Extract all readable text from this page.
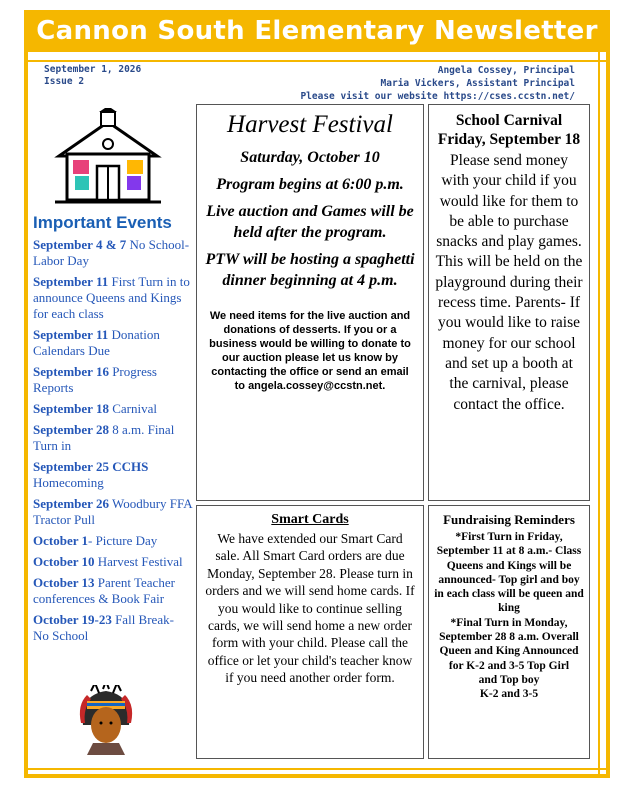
Cannon South Elementary Newsletter
September 1, 2026
Issue 2
Angela Cossey, Principal
Maria Vickers, Assistant Principal
Please visit our website https://cses.ccstn.net/
Important Events
September 4 & 7 No School-Labor Day
September 11 First Turn in to announce Queens and Kings for each class
September 11 Donation Calendars Due
September 16 Progress Reports
September 18 Carnival
September 28 8 a.m. Final Turn in
September 25 CCHS Homecoming
September 26 Woodbury FFA Tractor Pull
October 1- Picture Day
October 10 Harvest Festival
October 13 Parent Teacher conferences & Book Fair
October 19-23 Fall Break- No School
Harvest Festival
Saturday, October 10
Program begins at 6:00 p.m.
Live auction and Games will be held after the program.
PTW will be hosting a spaghetti dinner beginning at 4 p.m.
We need items for the live auction and donations of desserts. If you or a business would be willing to donate to our auction please let us know by contacting the office or send an email to angela.cossey@ccstn.net.
School Carnival Friday, September 18

Please send money with your child if you would like for them to be able to purchase snacks and play games. This will be held on the playground during their recess time. Parents- If you would like to raise money for our school and set up a booth at the carnival, please contact the office.

Smart Cards

We have extended our Smart Card sale. All Smart Card orders are due Monday, September 28. Please turn in orders and we will send home cards. If you would like to continue selling cards, we will send home a new order form with your child. Please call the office or let your child's teacher know if you need another order form.

Fundraising Reminders

*First Turn in Friday, September 11 at 8 a.m.- Class Queens and Kings will be announced- Top girl and boy in each class will be queen and king

*Final Turn in Monday, September 28 8 a.m. Overall Queen and King Announced for K-2 and 3-5 Top Girl

and Top boy

K-2 and 3-5
